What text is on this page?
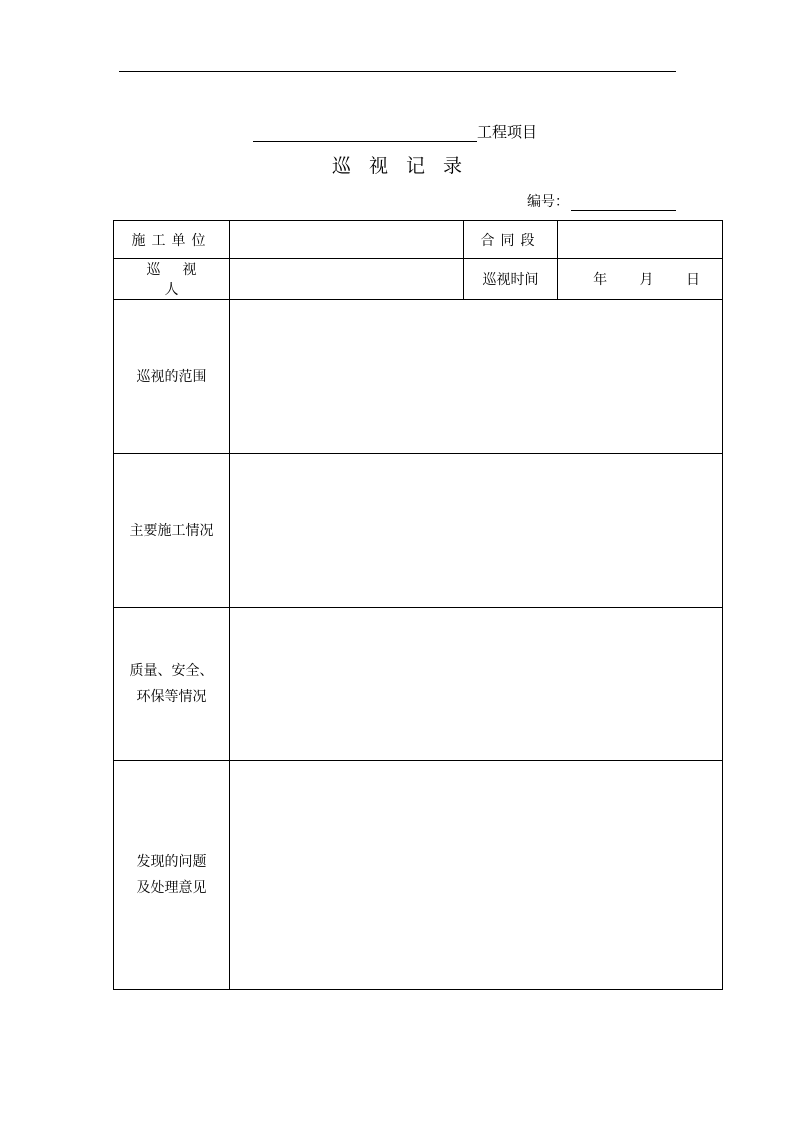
工程项目
巡 视 记 录
编号：
施工单位		合同段	
巡视人		巡视时间	年 月 日

巡视的范围			

主要施工情况			

质量、安全、
环保等情况			

发现的问题
及处理意见			
